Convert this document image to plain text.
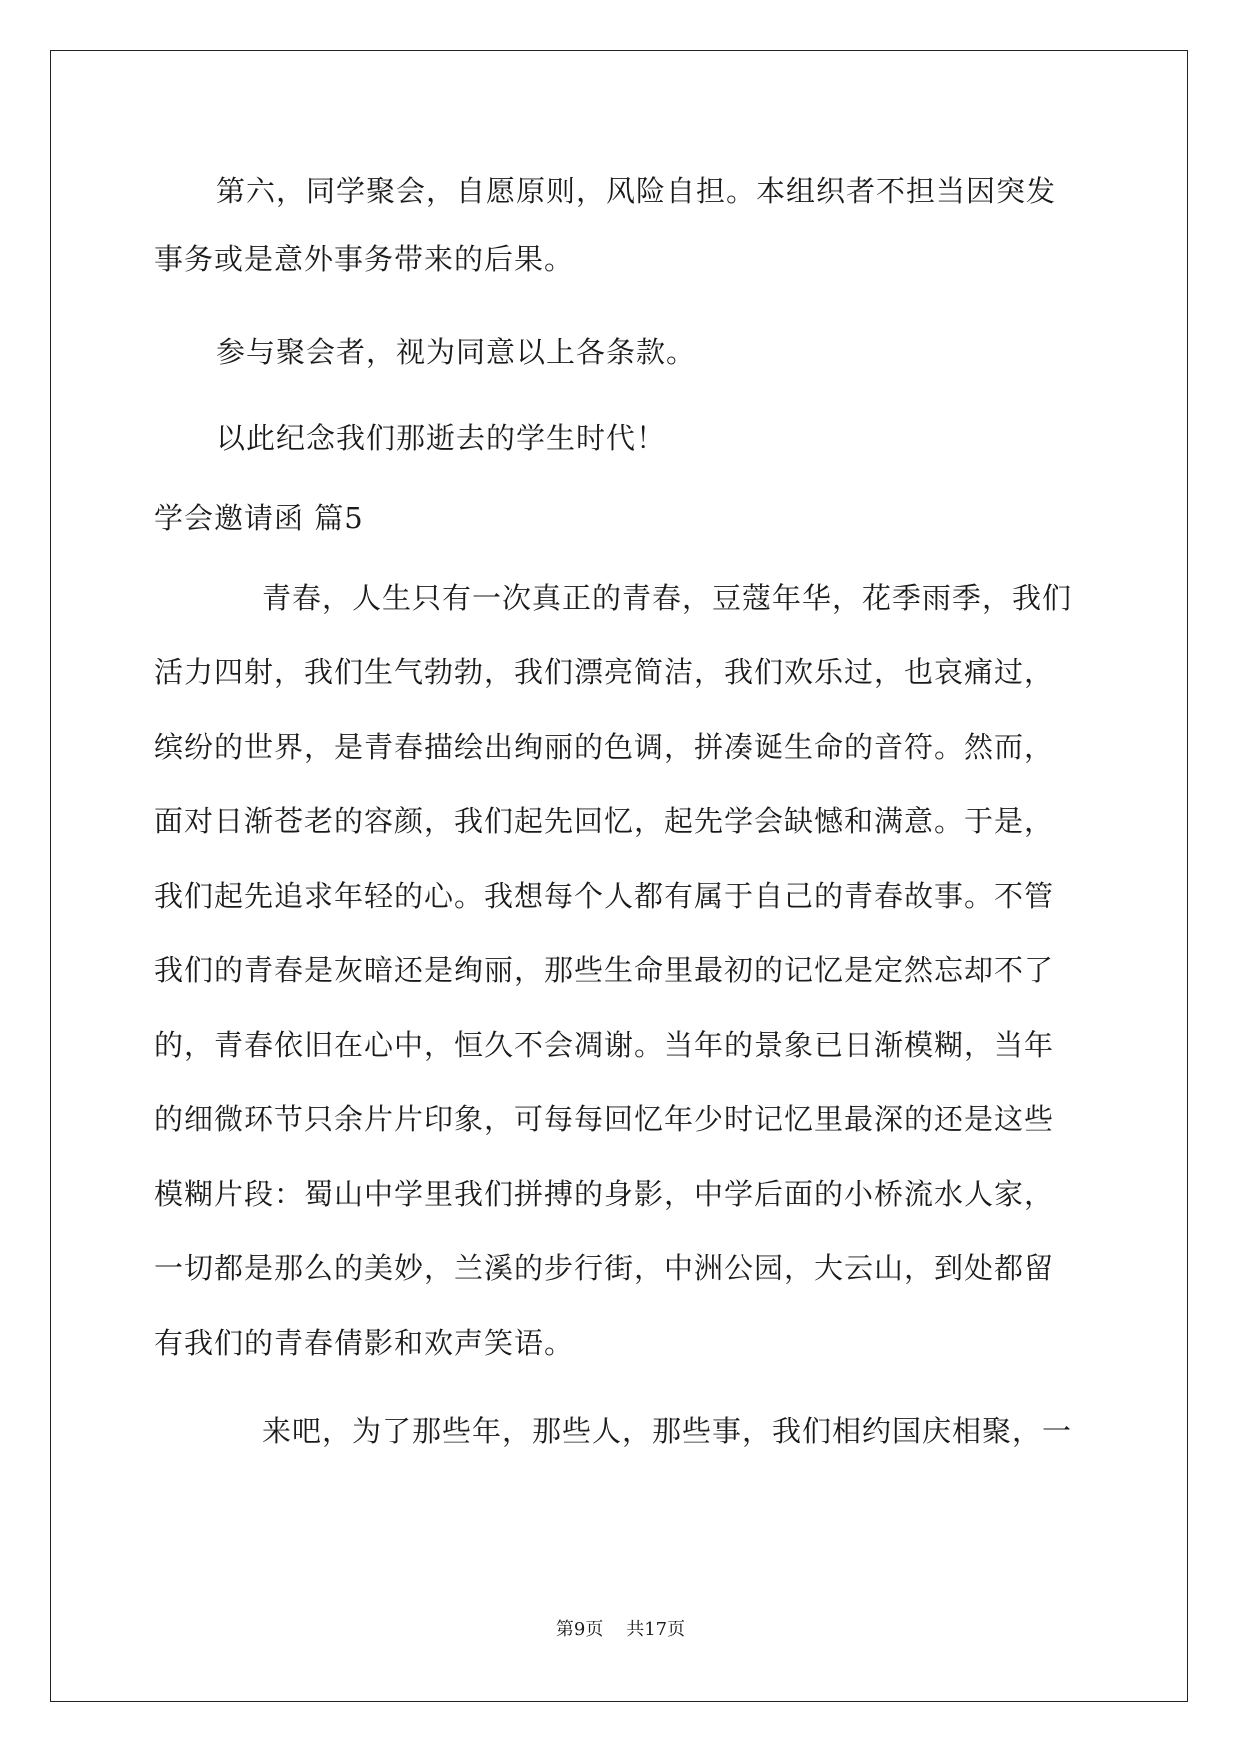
第六，同学聚会，自愿原则，风险自担。本组织者不担当因突发
事务或是意外事务带来的后果。
参与聚会者，视为同意以上各条款。
以此纪念我们那逝去的学生时代！
学会邀请函 篇5
青春，人生只有一次真正的青春，豆蔻年华，花季雨季，我们
活力四射，我们生气勃勃，我们漂亮简洁，我们欢乐过，也哀痛过，
缤纷的世界，是青春描绘出绚丽的色调，拼凑诞生命的音符。然而，
面对日渐苍老的容颜，我们起先回忆，起先学会缺憾和满意。于是，
我们起先追求年轻的心。我想每个人都有属于自己的青春故事。不管
我们的青春是灰暗还是绚丽，那些生命里最初的记忆是定然忘却不了
的，青春依旧在心中，恒久不会凋谢。当年的景象已日渐模糊，当年
的细微环节只余片片印象，可每每回忆年少时记忆里最深的还是这些
模糊片段：蜀山中学里我们拼搏的身影，中学后面的小桥流水人家，
一切都是那么的美妙，兰溪的步行街，中洲公园，大云山，到处都留
有我们的青春倩影和欢声笑语。
来吧，为了那些年，那些人，那些事，我们相约国庆相聚，一
第9页    共17页
